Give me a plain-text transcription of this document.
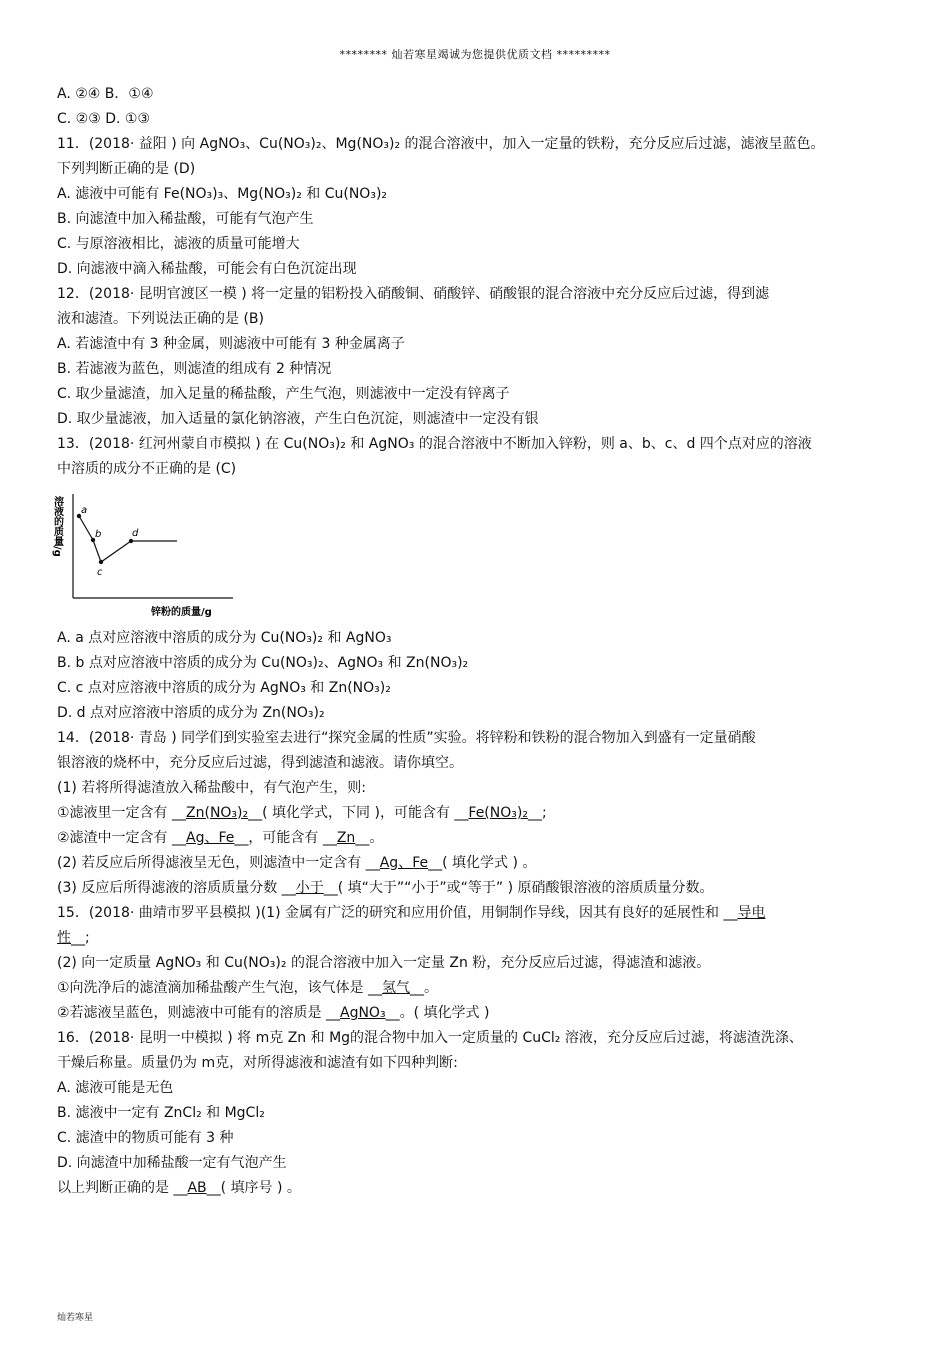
******** 灿若寒星竭诚为您提供优质文档 *********
A. ②④ B．①④
C. ②③ D. ①③
11．(2018· 益阳 ) 向 AgNO₃、Cu(NO₃)₂、Mg(NO₃)₂ 的混合溶液中，加入一定量的铁粉，充分反应后过滤，滤液呈蓝色。
下列判断正确的是 (D)
A. 滤液中可能有 Fe(NO₃)₃、Mg(NO₃)₂ 和 Cu(NO₃)₂
B. 向滤渣中加入稀盐酸，可能有气泡产生
C. 与原溶液相比，滤液的质量可能增大
D. 向滤液中滴入稀盐酸，可能会有白色沉淀出现
12．(2018· 昆明官渡区一模 ) 将一定量的铝粉投入硝酸铜、硝酸锌、硝酸银的混合溶液中充分反应后过滤，得到滤
液和滤渣。下列说法正确的是 (B)
A. 若滤渣中有 3 种金属，则滤液中可能有 3 种金属离子
B. 若滤液为蓝色，则滤渣的组成有 2 种情况
C. 取少量滤渣，加入足量的稀盐酸，产生气泡，则滤液中一定没有锌离子
D. 取少量滤液，加入适量的氯化钠溶液，产生白色沉淀，则滤渣中一定没有银
13．(2018· 红河州蒙自市模拟 ) 在 Cu(NO₃)₂ 和 AgNO₃ 的混合溶液中不断加入锌粉，则 a、b、c、d 四个点对应的溶液
中溶质的成分不正确的是 (C)
a
b
c
d
溶液的质量/g
锌粉的质量/g
A. a 点对应溶液中溶质的成分为 Cu(NO₃)₂ 和 AgNO₃
B. b 点对应溶液中溶质的成分为 Cu(NO₃)₂、AgNO₃ 和 Zn(NO₃)₂
C. c 点对应溶液中溶质的成分为 AgNO₃ 和 Zn(NO₃)₂
D. d 点对应溶液中溶质的成分为 Zn(NO₃)₂
14．(2018· 青岛 ) 同学们到实验室去进行“探究金属的性质”实验。将锌粉和铁粉的混合物加入到盛有一定量硝酸
银溶液的烧杯中，充分反应后过滤，得到滤渣和滤液。请你填空。
(1) 若将所得滤渣放入稀盐酸中，有气泡产生，则:
①滤液里一定含有 __Zn(NO₃)₂__( 填化学式，下同 )，可能含有 __Fe(NO₃)₂__;
②滤渣中一定含有 __Ag、Fe__，可能含有 __Zn__。
(2) 若反应后所得滤液呈无色，则滤渣中一定含有 __Ag、Fe__( 填化学式 ) 。
(3) 反应后所得滤液的溶质质量分数 __小于__( 填“大于”“小于”或“等于” ) 原硝酸银溶液的溶质质量分数。
15．(2018· 曲靖市罗平县模拟 )(1) 金属有广泛的研究和应用价值，用铜制作导线，因其有良好的延展性和 __导电
性__;
(2) 向一定质量 AgNO₃ 和 Cu(NO₃)₂ 的混合溶液中加入一定量 Zn 粉，充分反应后过滤，得滤渣和滤液。
①向洗净后的滤渣滴加稀盐酸产生气泡，该气体是 __氢气__。
②若滤液呈蓝色，则滤液中可能有的溶质是 __AgNO₃__。( 填化学式 )
16．(2018· 昆明一中模拟 ) 将 m克 Zn 和 Mg的混合物中加入一定质量的 CuCl₂ 溶液，充分反应后过滤，将滤渣洗涤、
干燥后称量。质量仍为 m克，对所得滤液和滤渣有如下四种判断:
A. 滤液可能是无色
B. 滤液中一定有 ZnCl₂ 和 MgCl₂
C. 滤渣中的物质可能有 3 种
D. 向滤渣中加稀盐酸一定有气泡产生
以上判断正确的是 __AB__( 填序号 ) 。
灿若寒星
